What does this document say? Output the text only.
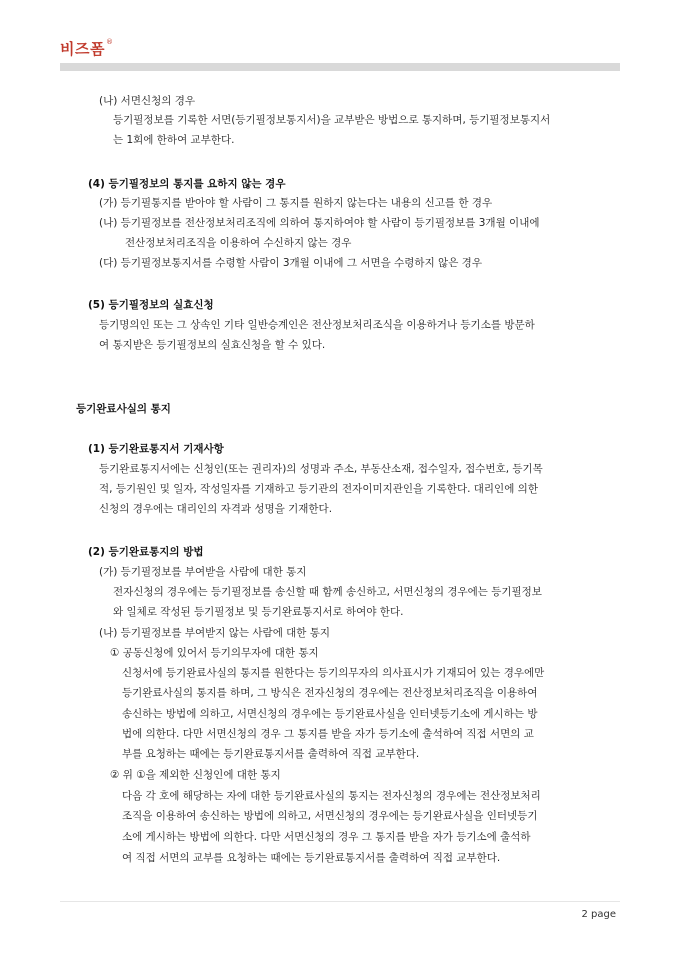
비즈폼®
(나) 서면신청의 경우
등기필정보를 기록한 서면(등기필정보통지서)을 교부받은 방법으로 통지하며, 등기필정보통지서
는 1회에 한하여 교부한다.
(4) 등기필정보의 통지를 요하지 않는 경우
(가) 등기필통지를 받아야 할 사람이 그 통지를 원하지 않는다는 내용의 신고를 한 경우
(나) 등기필정보를 전산정보처리조직에 의하여 통지하여야 할 사람이 등기필정보를 3개월 이내에
전산정보처리조직을 이용하여 수신하지 않는 경우
(다) 등기필정보통지서를 수령할 사람이 3개월 이내에 그 서면을 수령하지 않은 경우
(5) 등기필정보의 실효신청
등기명의인 또는 그 상속인 기타 일반승계인은 전산정보처리조식을 이용하거나 등기소를 방문하
여 통지받은 등기필정보의 실효신청을 할 수 있다.
등기완료사실의 통지
(1) 등기완료통지서 기재사항
등기완료통지서에는 신청인(또는 권리자)의 성명과 주소, 부동산소재, 접수일자, 접수번호, 등기목
적, 등기원인 및 일자, 작성일자를 기재하고 등기관의 전자이미지관인을 기록한다. 대리인에 의한
신청의 경우에는 대리인의 자격과 성명을 기재한다.
(2) 등기완료통지의 방법
(가) 등기필정보를 부여받을 사람에 대한 통지
전자신청의 경우에는 등기필정보를 송신할 때 함께 송신하고, 서면신청의 경우에는 등기필정보
와 일체로 작성된 등기필정보 및 등기완료통지서로 하여야 한다.
(나) 등기필정보를 부여받지 않는 사람에 대한 통지
① 공동신청에 있어서 등기의무자에 대한 통지
신청서에 등기완료사실의 통지를 원한다는 등기의무자의 의사표시가 기재되어 있는 경우에만
등기완료사실의 통지를 하며, 그 방식은 전자신청의 경우에는 전산정보처리조직을 이용하여
송신하는 방법에 의하고, 서면신청의 경우에는 등기완료사실을 인터넷등기소에 게시하는 방
법에 의한다. 다만 서면신청의 경우 그 통지를 받을 자가 등기소에 출석하여 직접 서면의 교
부를 요청하는 때에는 등기완료통지서를 출력하여 직접 교부한다.
② 위 ①을 제외한 신청인에 대한 통지
다음 각 호에 해당하는 자에 대한 등기완료사실의 통지는 전자신청의 경우에는 전산정보처리
조직을 이용하여 송신하는 방법에 의하고, 서면신청의 경우에는 등기완료사실을 인터넷등기
소에 게시하는 방법에 의한다. 다만 서면신청의 경우 그 통지를 받을 자가 등기소에 출석하
여 직접 서면의 교부를 요청하는 때에는 등기완료통지서를 출력하여 직접 교부한다.
2 page
